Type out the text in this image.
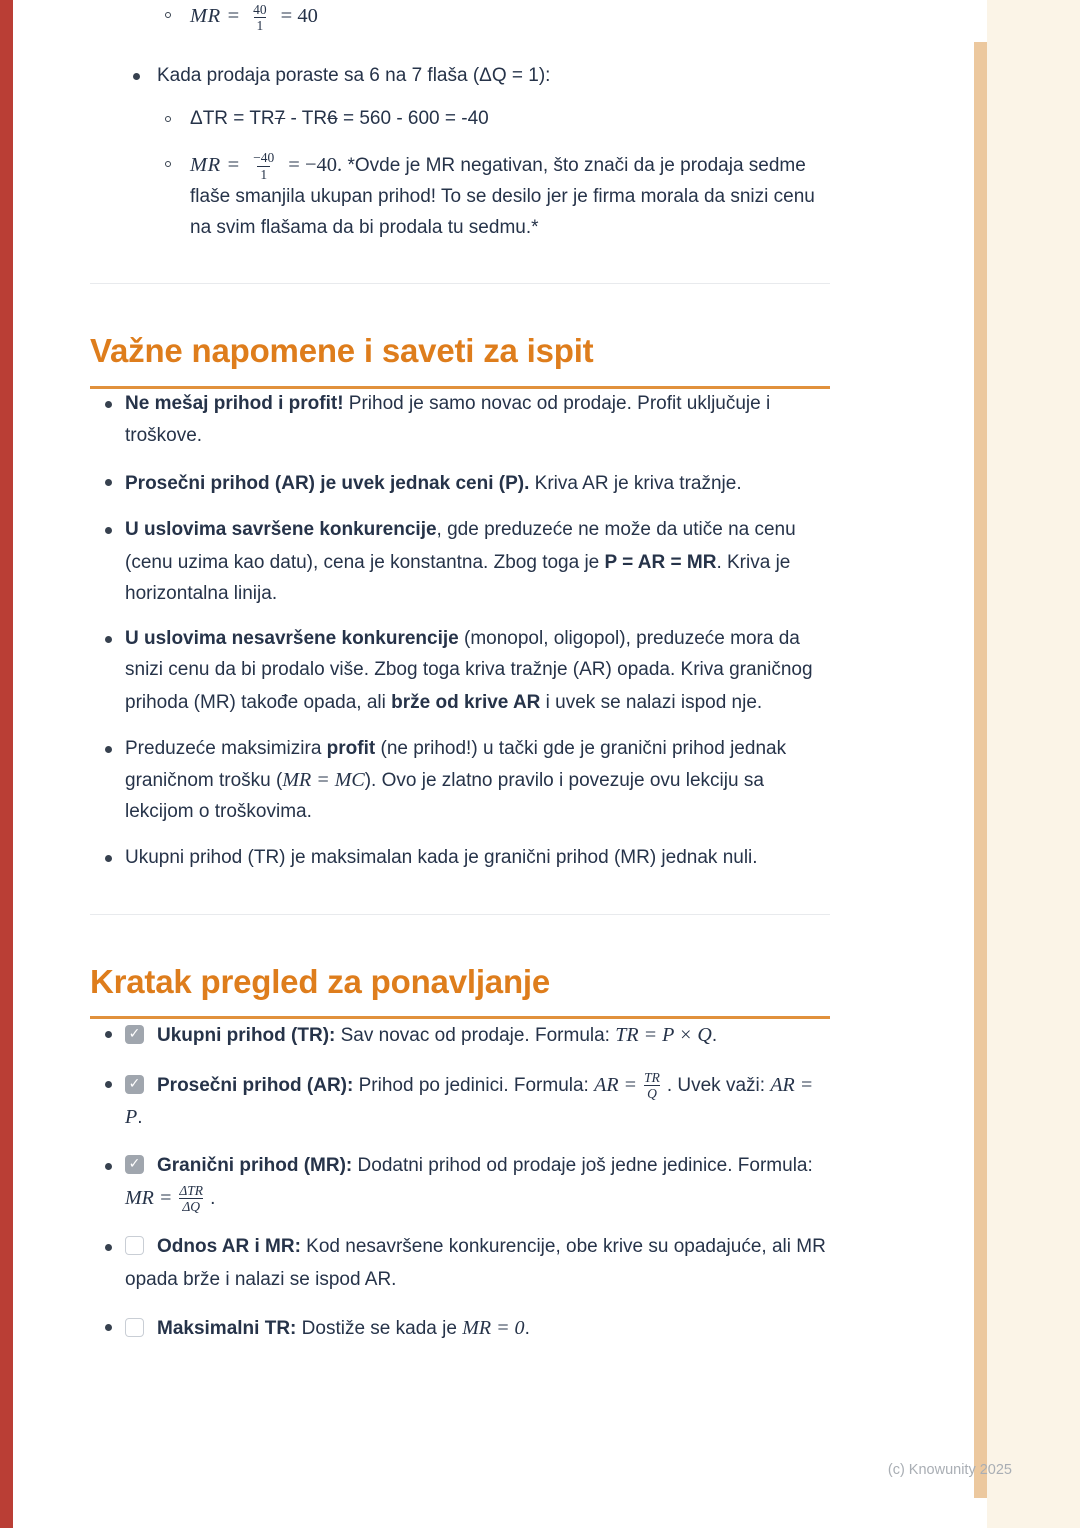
MR = $\frac{40}{1} = 40$
Kada prodaja poraste sa 6 na 7 flaša (ΔQ = 1):
ΔTR = TR7 - TR6 = 560 - 600 = -40
MR = $\frac{-40}{1} = -40$. *Ovde je MR negativan, što znači da je prodaja sedme flaše smanjila ukupan prihod! To se desilo jer je firma morala da snizi cenu na svim flašama da bi prodala tu sedmu.*
Važne napomene i saveti za ispit
Ne mešaj prihod i profit! Prihod je samo novac od prodaje. Profit uključuje i troškove.
Prosečni prihod (AR) je uvek jednak ceni (P). Kriva AR je kriva tražnje.
U uslovima savršene konkurencije, gde preduzeće ne može da utiče na cenu (cenu uzima kao datu), cena je konstantna. Zbog toga je P = AR = MR. Kriva je horizontalna linija.
U uslovima nesavršene konkurencije (monopol, oligopol), preduzeće mora da snizi cenu da bi prodalo više. Zbog toga kriva tražnje (AR) opada. Kriva graničnog prihoda (MR) takođe opada, ali brže od krive AR i uvek se nalazi ispod nje.
Preduzeće maksimizira profit (ne prihod!) u tački gde je granični prihod jednak graničnom trošku (MR = MC). Ovo je zlatno pravilo i povezuje ovu lekciju sa lekcijom o troškovima.
Ukupni prihod (TR) je maksimalan kada je granični prihod (MR) jednak nuli.
Kratak pregled za ponavljanje
✓Ukupni prihod (TR): Sav novac od prodaje. Formula: TR = P × Q.
✓Prosečni prihod (AR): Prihod po jedinici. Formula: AR = $\frac{TR}{Q}$ . Uvek važi: AR = P.
✓Granični prihod (MR): Dodatni prihod od prodaje još jedne jedinice. Formula: MR = $\frac{\text{ΔTR}}{\Delta Q}$ .
Odnos AR i MR: Kod nesavršene konkurencije, obe krive su opadajuće, ali MR opada brže i nalazi se ispod AR.
Maksimalni TR: Dostiže se kada je MR = 0.
(c) Knowunity 2025
